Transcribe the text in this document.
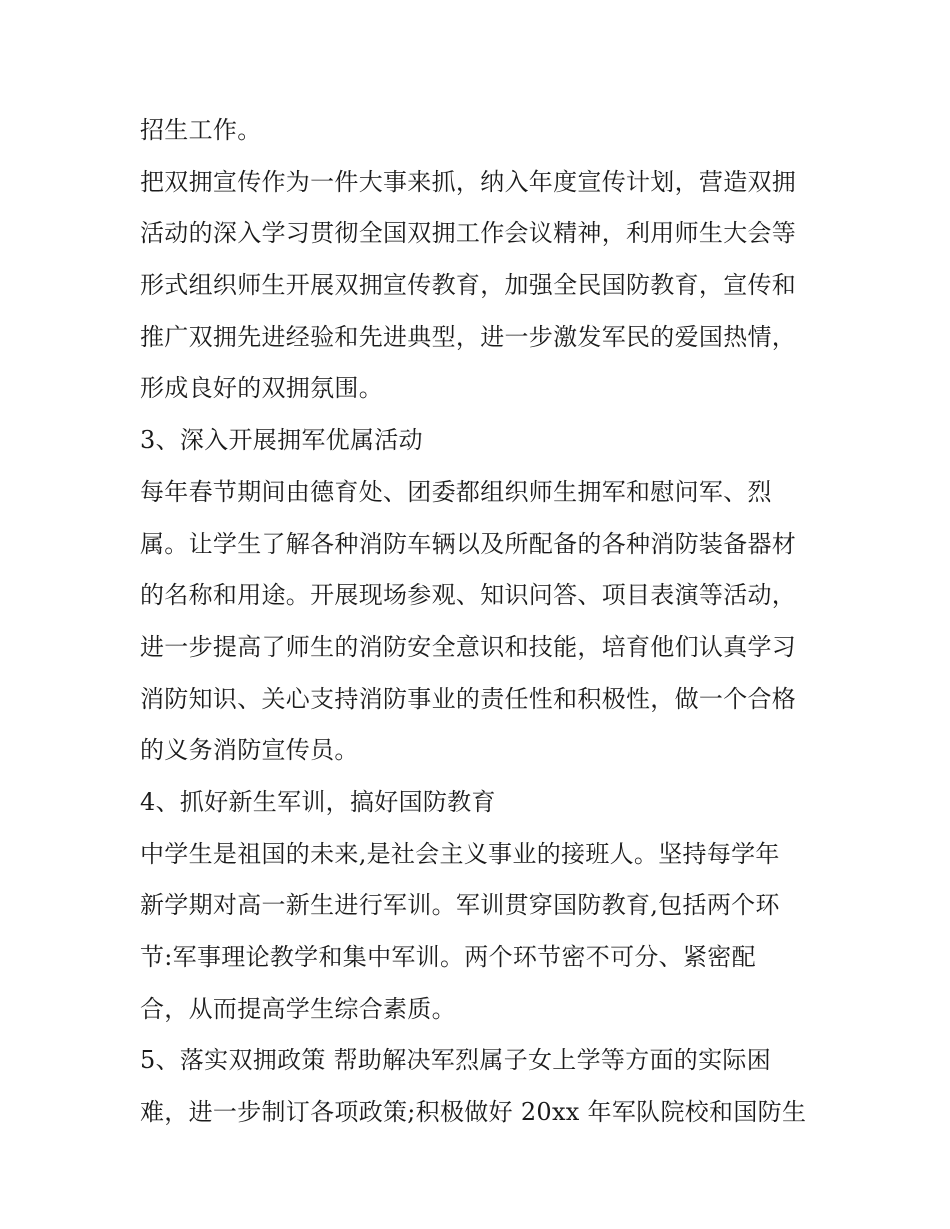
招生工作。
把双拥宣传作为一件大事来抓，纳入年度宣传计划，营造双拥
活动的深入学习贯彻全国双拥工作会议精神，利用师生大会等
形式组织师生开展双拥宣传教育，加强全民国防教育，宣传和
推广双拥先进经验和先进典型，进一步激发军民的爱国热情，
形成良好的双拥氛围。
3、深入开展拥军优属活动
每年春节期间由德育处、团委都组织师生拥军和慰问军、烈
属。让学生了解各种消防车辆以及所配备的各种消防装备器材
的名称和用途。开展现场参观、知识问答、项目表演等活动，
进一步提高了师生的消防安全意识和技能，培育他们认真学习
消防知识、关心支持消防事业的责任性和积极性，做一个合格
的义务消防宣传员。
4、抓好新生军训，搞好国防教育
中学生是祖国的未来,是社会主义事业的接班人。坚持每学年
新学期对高一新生进行军训。军训贯穿国防教育,包括两个环
节:军事理论教学和集中军训。两个环节密不可分、紧密配
合，从而提高学生综合素质。
5、落实双拥政策 帮助解决军烈属子女上学等方面的实际困
难，进一步制订各项政策;积极做好 20xx 年军队院校和国防生
